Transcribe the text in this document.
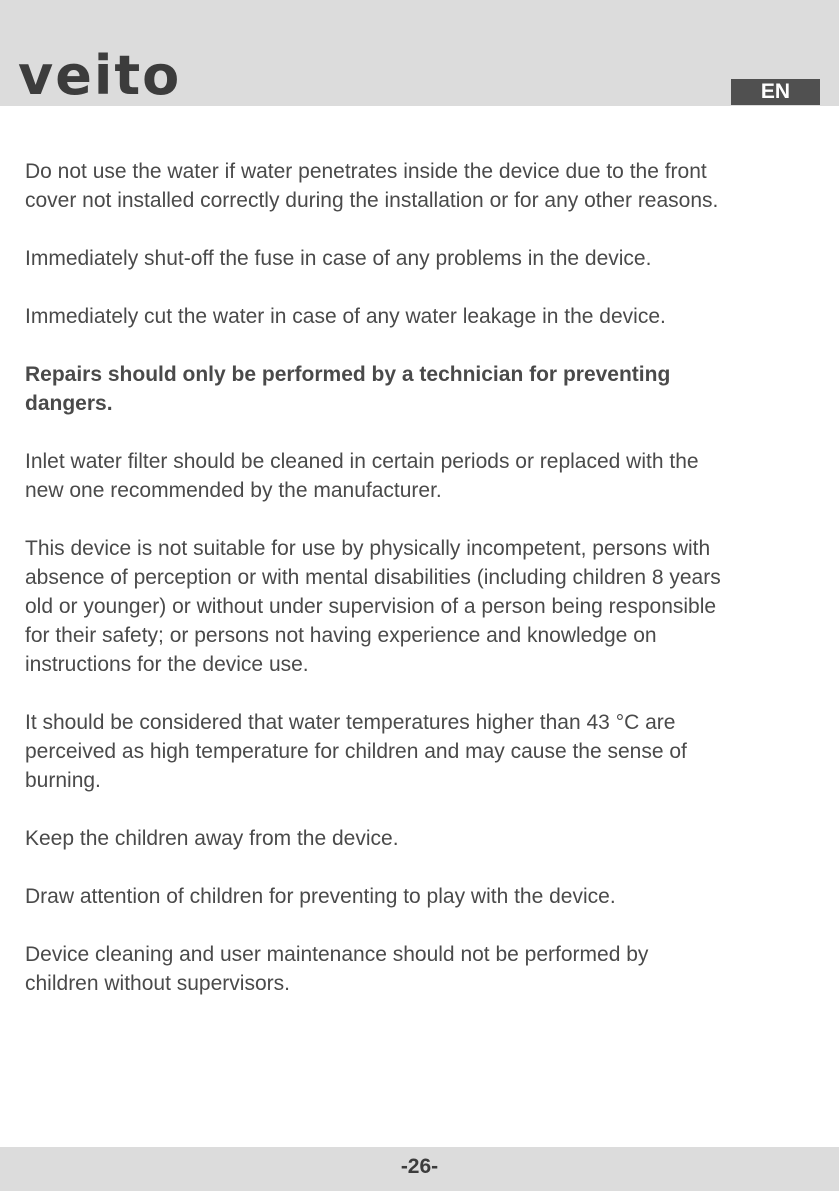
veito	EN

Do not use the water if water penetrates inside the device due to the front
cover not installed correctly during the installation or for any other reasons.

Immediately shut-off the fuse in case of any problems in the device.

Immediately cut the water in case of any water leakage in the device.

Repairs should only be performed by a technician for preventing
dangers.

Inlet water filter should be cleaned in certain periods or replaced with the
new one recommended by the manufacturer.

This device is not suitable for use by physically incompetent, persons with
absence of perception or with mental disabilities (including children 8 years
old or younger) or without under supervision of a person being responsible
for their safety; or persons not having experience and knowledge on
instructions for the device use.

It should be considered that water temperatures higher than 43 °C are
perceived as high temperature for children and may cause the sense of
burning.

Keep the children away from the device.

Draw attention of children for preventing to play with the device.

Device cleaning and user maintenance should not be performed by
children without supervisors.

-26-
